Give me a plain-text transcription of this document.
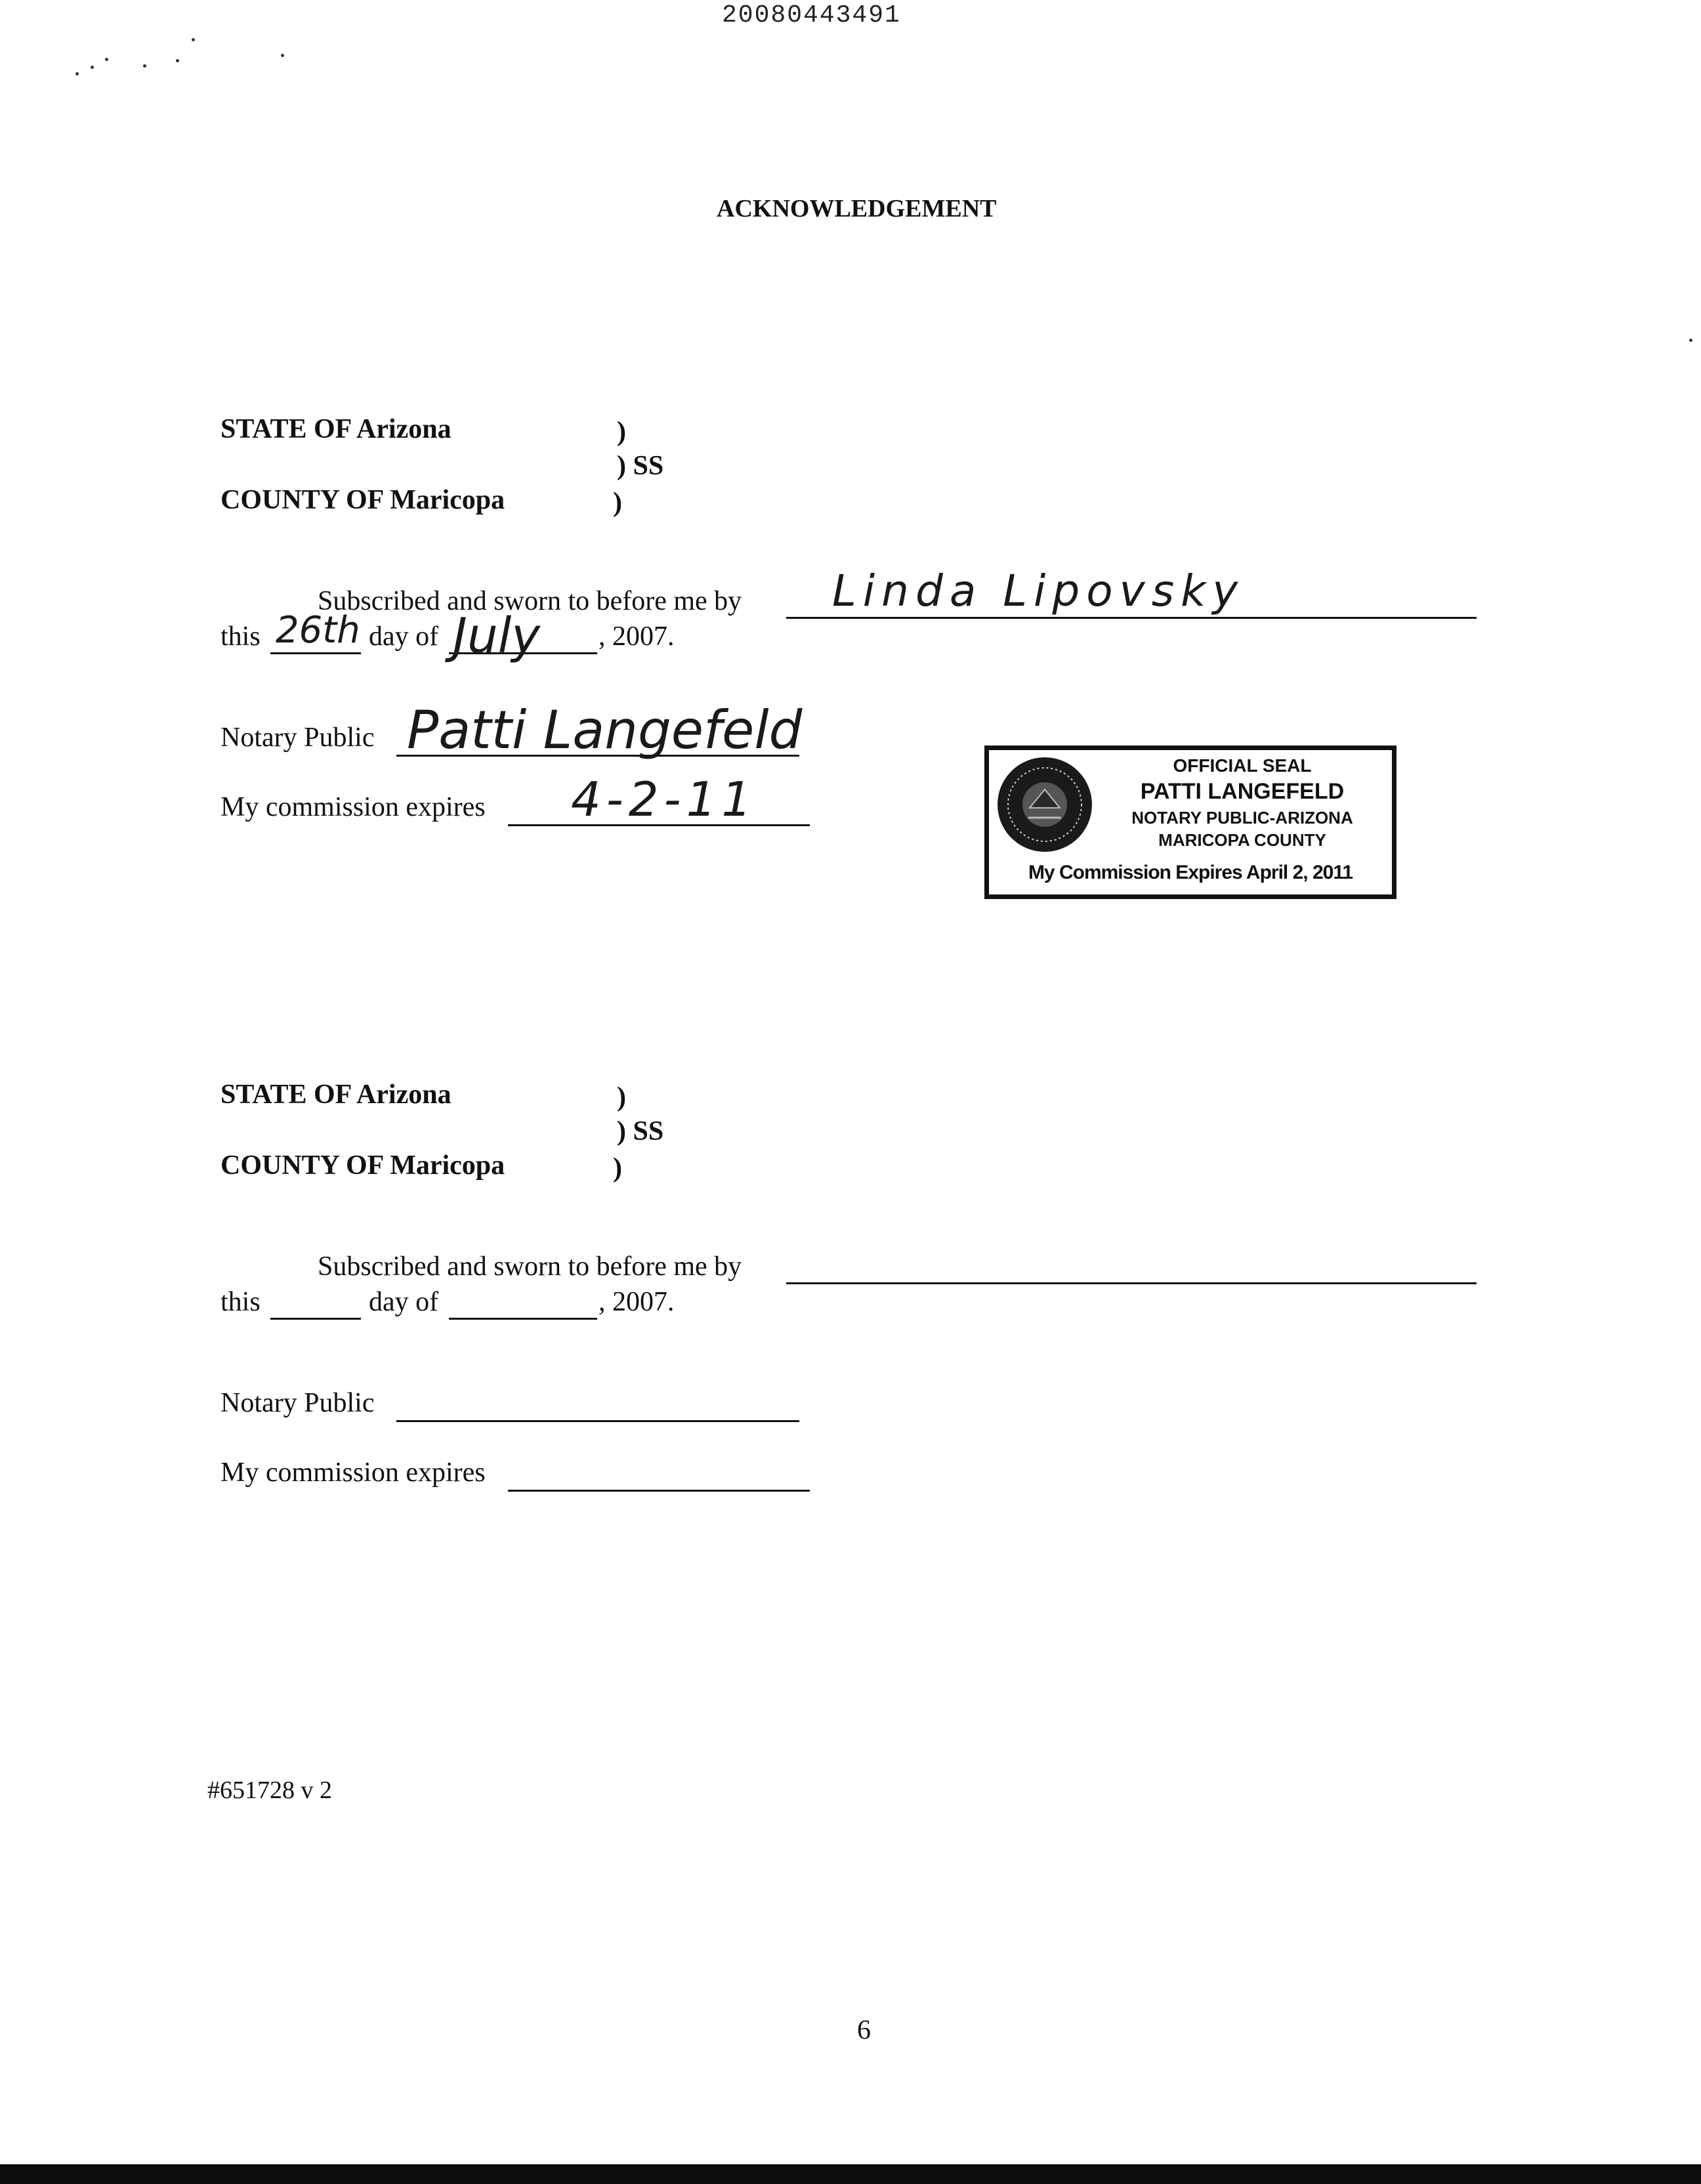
20080443491
ACKNOWLEDGEMENT
STATE OF Arizona	)
) SS
COUNTY OF Maricopa	)
Subscribed and sworn to before me by Linda Lipovsky
this 26th day of July , 2007.
Notary Public Patti Langefeld
My commission expires 4-2-11
OFFICIAL SEAL
PATTI LANGEFELD
NOTARY PUBLIC-ARIZONA
MARICOPA COUNTY
My Commission Expires April 2, 2011
STATE OF Arizona	)
) SS
COUNTY OF Maricopa	)
Subscribed and sworn to before me by
this	day of	, 2007.
Notary Public
My commission expires
#651728 v 2
6
